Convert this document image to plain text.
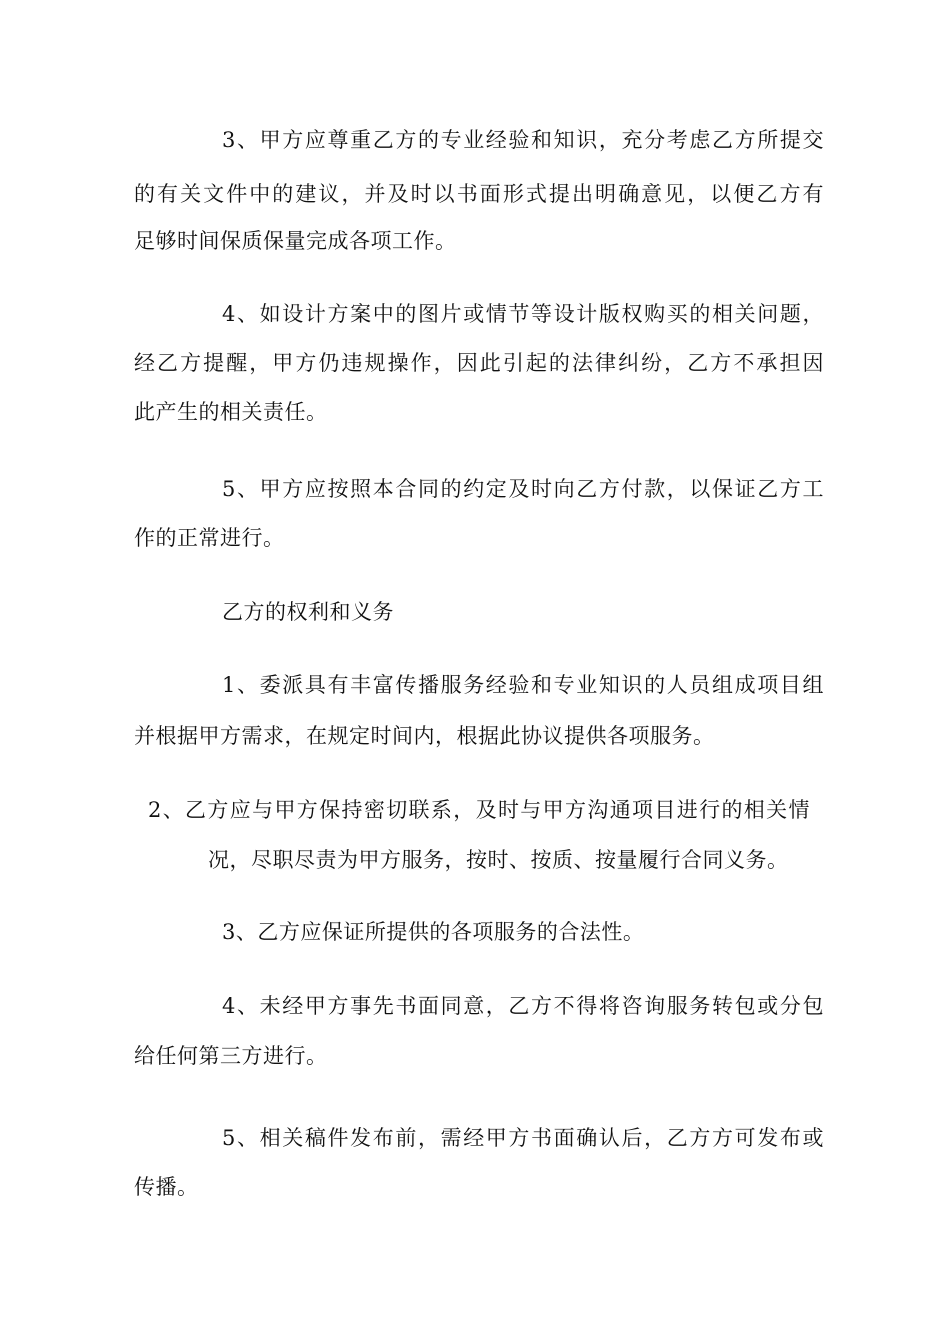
3、甲方应尊重乙方的专业经验和知识，充分考虑乙方所提交
的有关文件中的建议，并及时以书面形式提出明确意见，以便乙方有
足够时间保质保量完成各项工作。
4、如设计方案中的图片或情节等设计版权购买的相关问题，
经乙方提醒，甲方仍违规操作，因此引起的法律纠纷，乙方不承担因
此产生的相关责任。
5、甲方应按照本合同的约定及时向乙方付款，以保证乙方工
作的正常进行。
乙方的权利和义务
1、委派具有丰富传播服务经验和专业知识的人员组成项目组
并根据甲方需求，在规定时间内，根据此协议提供各项服务。
2、乙方应与甲方保持密切联系，及时与甲方沟通项目进行的相关情
况，尽职尽责为甲方服务，按时、按质、按量履行合同义务。
3、乙方应保证所提供的各项服务的合法性。
4、未经甲方事先书面同意，乙方不得将咨询服务转包或分包
给任何第三方进行。
5、相关稿件发布前，需经甲方书面确认后，乙方方可发布或
传播。
